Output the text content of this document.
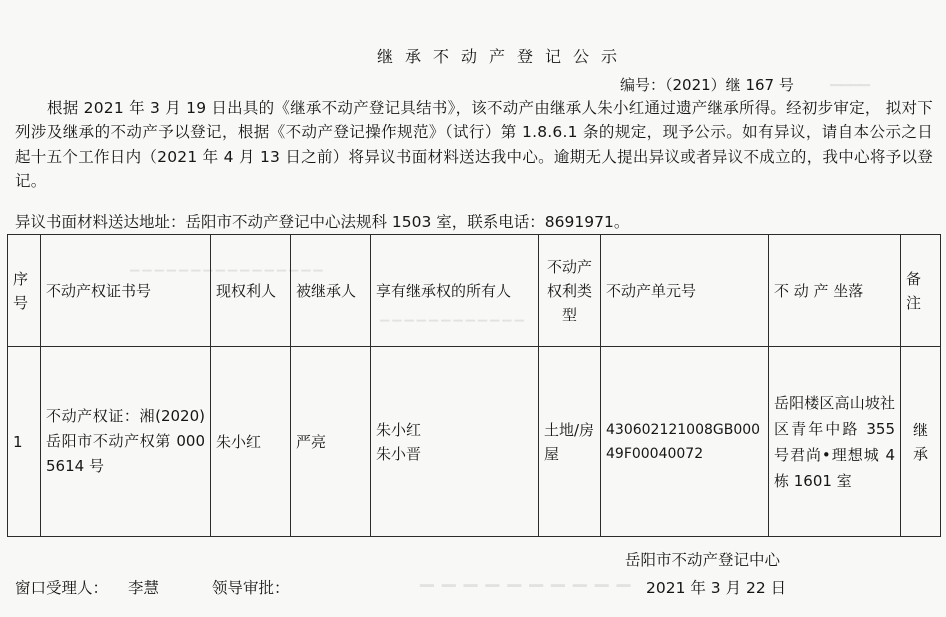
▁▁▁▁
▔▔▔▔▔▔▔▔▔▔▔▔▔▔▔▔
▔▔▔▔▔▔▔▔▔▔▔▔
▔▔▔▔▔▔▔▔▔▔
继承不动产登记公示
编号：（2021）继 167 号
根据 2021 年 3 月 19 日出具的《继承不动产登记具结书》，该不动产由继承人朱小红通过遗产继承所得。经初步审定， 拟对下列涉及继承的不动产予以登记，根据《不动产登记操作规范》（试行）第 1.8.6.1 条的规定，现予公示。如有异议，请自本公示之日起十五个工作日内（2021 年 4 月 13 日之前）将异议书面材料送达我中心。逾期无人提出异议或者异议不成立的，我中心将予以登记。
异议书面材料送达地址：岳阳市不动产登记中心法规科 1503 室，联系电话：8691971。
序号	不动产权证书号	现权利人	被继承人	享有继承权的所有人	不动产权利类型	不动产单元号	不 动 产 坐落	备注
1	不动产权证：湘(2020)岳阳市不动产权第 0005614 号	朱小红	严亮	朱小红
朱小晋	土地/房屋	430602121008GB00049F00040072	岳阳楼区高山坡社区青年中路 355 号君尚•理想城 4 栋 1601 室	继承
岳阳市不动产登记中心
窗口受理人： 李慧	领导审批：	2021 年 3 月 22 日
